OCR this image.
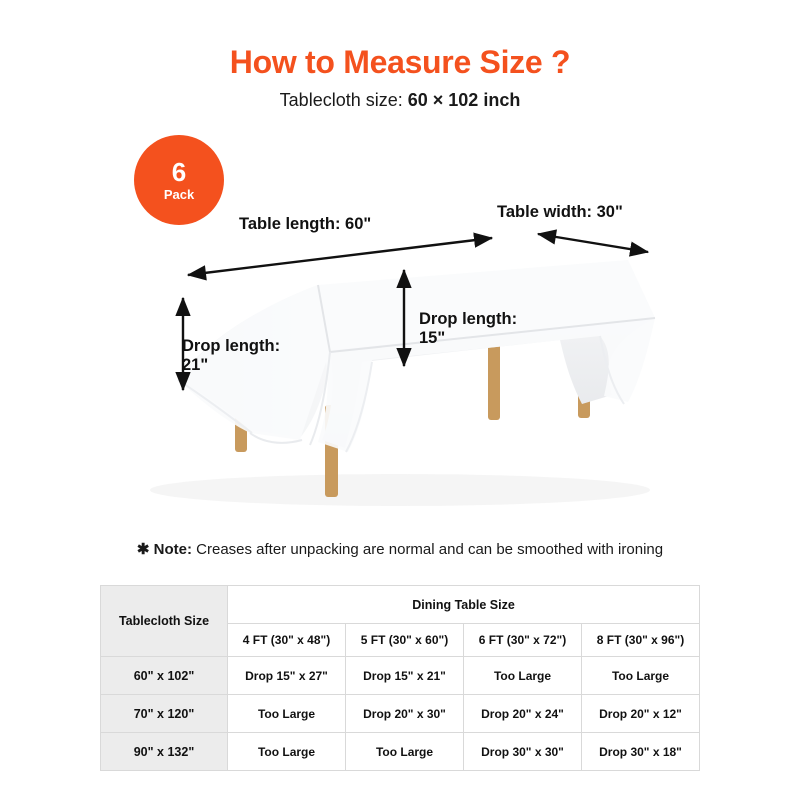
How to Measure Size ?
Tablecloth size: 60 × 102 inch
6
Pack
Table length: 60"
Table width: 30"
Drop length:
21"
Drop length:
15"
✱ Note: Creases after unpacking are normal and can be smoothed with ironing
Tablecloth Size	Dining Table Size			
	4 FT (30" x 48")	5 FT (30" x 60")	6 FT (30" x 72")	8 FT (30" x 96")
60" x 102"	Drop 15" x 27"	Drop 15" x 21"	Too Large	Too Large
70" x 120"	Too Large	Drop 20" x 30"	Drop 20" x 24"	Drop 20" x 12"
90" x 132"	Too Large	Too Large	Drop 30" x 30"	Drop 30" x 18"
